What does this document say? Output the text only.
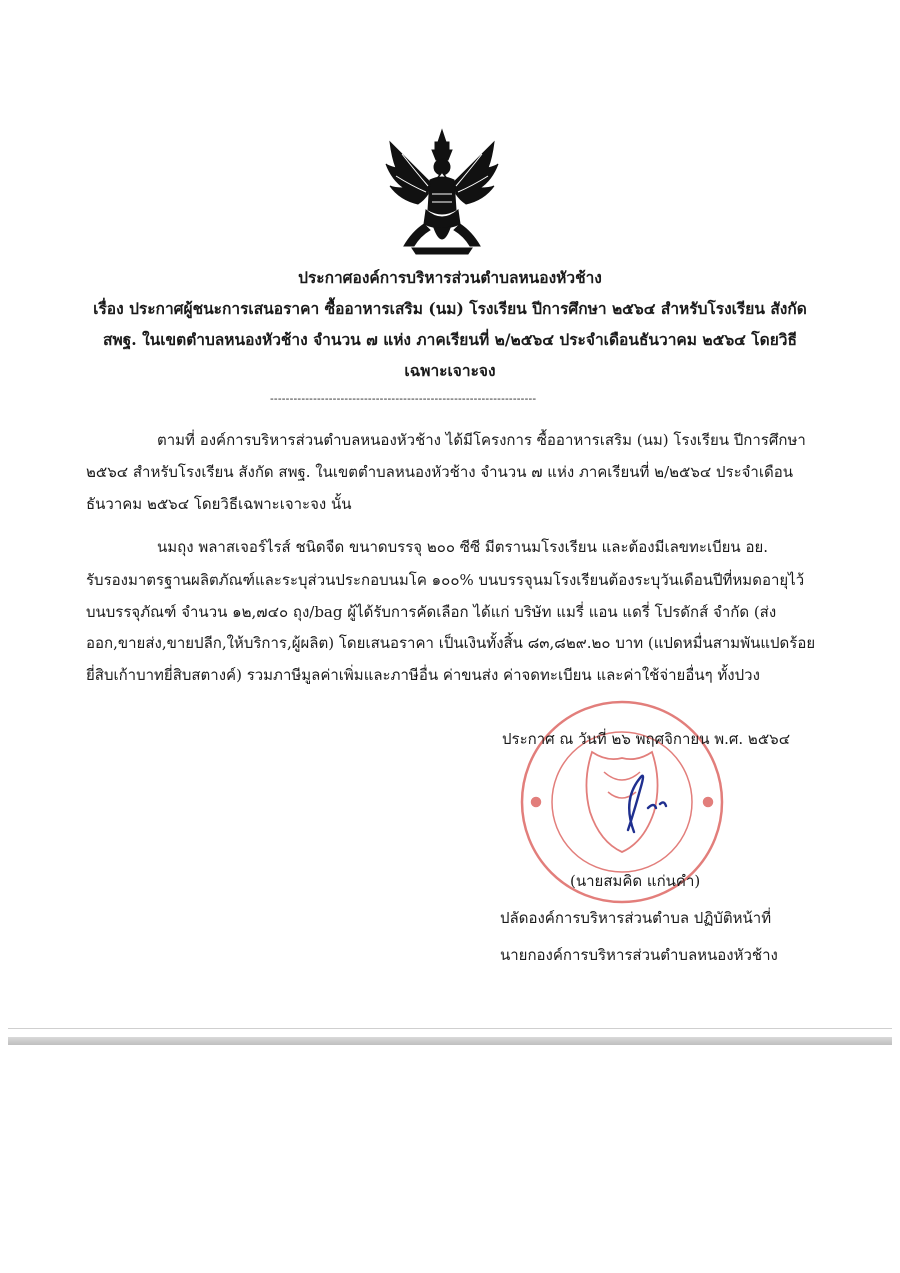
ประกาศองค์การบริหารส่วนตำบลหนองหัวช้าง
เรื่อง ประกาศผู้ชนะการเสนอราคา ซื้ออาหารเสริม (นม) โรงเรียน ปีการศึกษา ๒๕๖๔ สำหรับโรงเรียน สังกัด
สพฐ. ในเขตตำบลหนองหัวช้าง จำนวน ๗ แห่ง ภาคเรียนที่ ๒/๒๕๖๔ ประจำเดือนธันวาคม ๒๕๖๔ โดยวิธี
เฉพาะเจาะจง
--------------------------------------------------------------------
ตามที่ องค์การบริหารส่วนตำบลหนองหัวช้าง ได้มีโครงการ ซื้ออาหารเสริม (นม) โรงเรียน ปีการศึกษา
๒๕๖๔ สำหรับโรงเรียน สังกัด สพฐ. ในเขตตำบลหนองหัวช้าง จำนวน ๗ แห่ง ภาคเรียนที่ ๒/๒๕๖๔ ประจำเดือน
ธันวาคม ๒๕๖๔ โดยวิธีเฉพาะเจาะจง นั้น
นมถุง พลาสเจอร์ไรส์ ชนิดจืด ขนาดบรรจุ ๒๐๐ ซีซี มีตรานมโรงเรียน และต้องมีเลขทะเบียน อย.
รับรองมาตรฐานผลิตภัณฑ์และระบุส่วนประกอบนมโค ๑๐๐% บนบรรจุนมโรงเรียนต้องระบุวันเดือนปีที่หมดอายุไว้
บนบรรจุภัณฑ์ จำนวน ๑๒,๗๔๐ ถุง/bag ผู้ได้รับการคัดเลือก ได้แก่ บริษัท แมรี่ แอน แดรี่ โปรดักส์ จำกัด (ส่ง
ออก,ขายส่ง,ขายปลีก,ให้บริการ,ผู้ผลิต) โดยเสนอราคา เป็นเงินทั้งสิ้น ๘๓,๘๒๙.๒๐ บาท (แปดหมื่นสามพันแปดร้อย
ยี่สิบเก้าบาทยี่สิบสตางค์) รวมภาษีมูลค่าเพิ่มและภาษีอื่น ค่าขนส่ง ค่าจดทะเบียน และค่าใช้จ่ายอื่นๆ ทั้งปวง
ประกาศ ณ วันที่ ๒๖ พฤศจิกายน พ.ศ. ๒๕๖๔
(นายสมคิด แก่นคำ)
ปลัดองค์การบริหารส่วนตำบล ปฏิบัติหน้าที่
นายกองค์การบริหารส่วนตำบลหนองหัวช้าง
